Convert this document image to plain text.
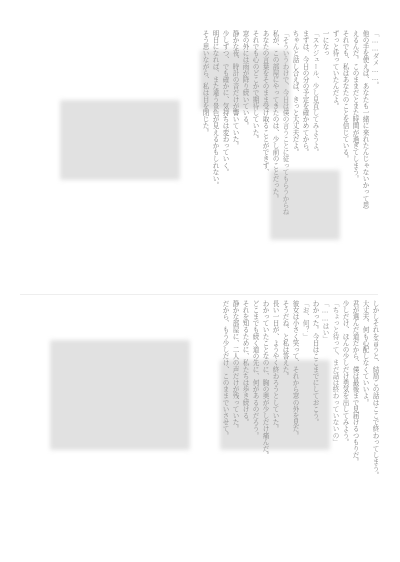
「……ダメ……。
他の手を使えば、あなたも一緒に来れたんじゃないかって思
えるんだ。このままだとまた時間が過ぎてしまう。
それでも、私はあなたのことを信じている。
ずっと待っていたんだよ。
一になっ
「スケジュール、少し見直してみようよ。
まずは、今日の分の予定を確かめてから。
ちゃんと話し合えば、きっと大丈夫だよ。
「そういうわけで、今日は僕の言うことに従ってもらうからね
私が、この部屋にやってきたのは、少し前のことだった。
あなたの言葉をそのまま受け取ることができず、
それでも心のどこかで期待していた。
窓の外には雨が降り続いている。
静かな夜、時計の音だけが響いていた。
少しずつ、でも確かに、気持ちは変わっていく。
明日になれば、また違う景色が見えるかもしれない。
そう思いながら、私は目を閉じた。
しかしそれを言うと、結局この話はここで終わってしまう。
大丈夫、何も心配しなくていいよ。
君が選んだ道だから、僕は最後まで見届けるつもりだ。
少しだけ、ほんの少しだけ勇気を出してみよう。
「ちょっと待って、まだ話は終わっていないの」
「……はい」
わかった。今日はここまでにしておこう。
「お、何？」
彼女は小さく笑って、それから窓の外を見た。
そうだね、と私は答えた。
長い一日が、ようやく終わろうとしていた。
わかっていたことなのに、胸の奥が少しだけ痛んだ。
どこまでも続く道の先に、何があるのだろう。
それを知るために、私たちは歩き続ける。
静かな部屋に、二人の声だけが残っていた。
だから、もう少しだけ、このままでいさせて。
